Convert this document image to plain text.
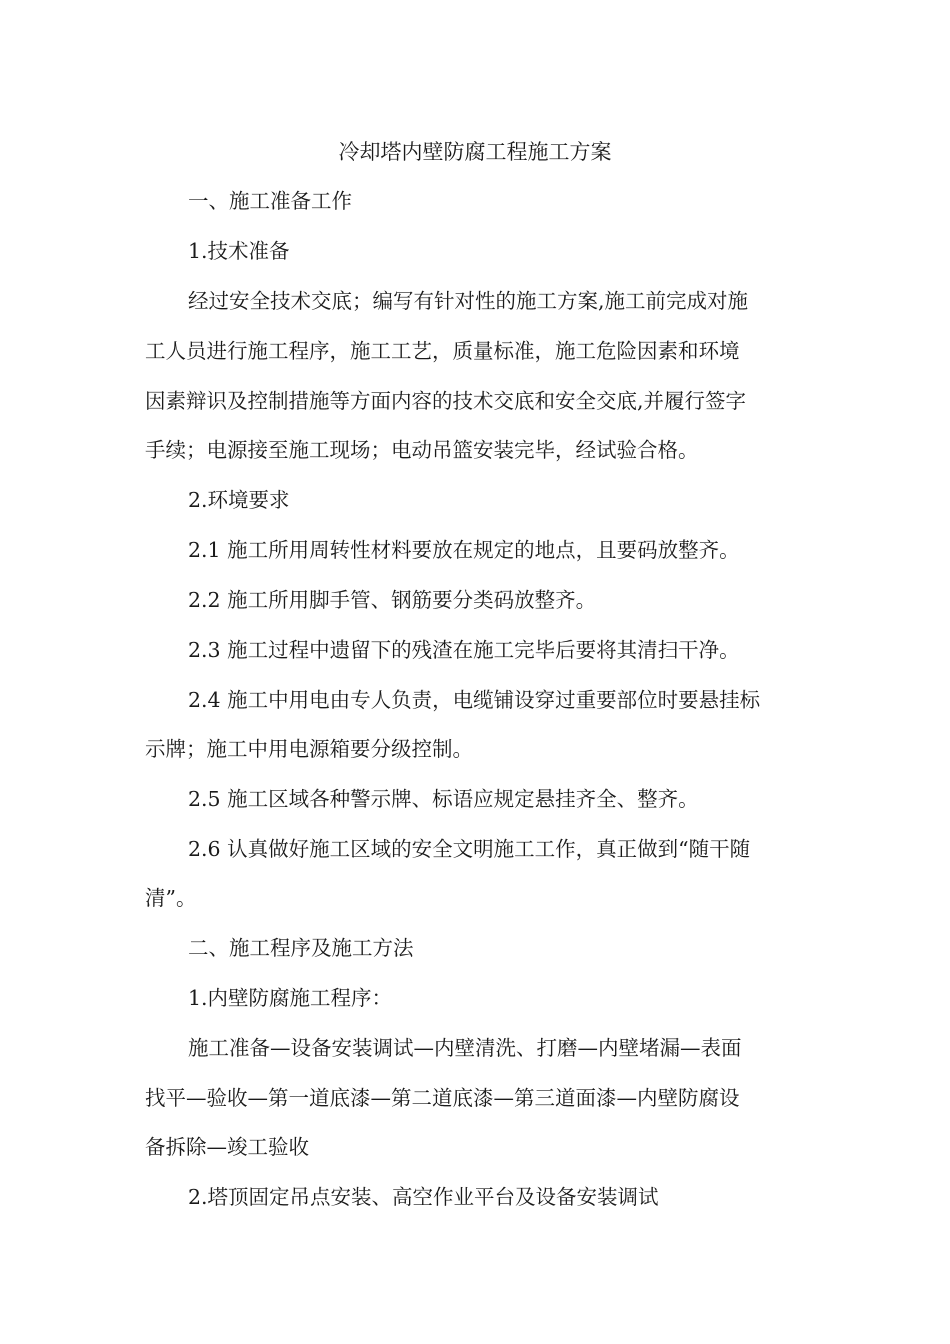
冷却塔内壁防腐工程施工方案
一、施工准备工作
1.技术准备
经过安全技术交底；编写有针对性的施工方案,施工前完成对施
工人员进行施工程序，施工工艺，质量标准，施工危险因素和环境
因素辩识及控制措施等方面内容的技术交底和安全交底,并履行签字
手续；电源接至施工现场；电动吊篮安装完毕，经试验合格。
2.环境要求
2.1 施工所用周转性材料要放在规定的地点，且要码放整齐。
2.2 施工所用脚手管、钢筋要分类码放整齐。
2.3 施工过程中遗留下的残渣在施工完毕后要将其清扫干净。
2.4 施工中用电由专人负责，电缆铺设穿过重要部位时要悬挂标
示牌；施工中用电源箱要分级控制。
2.5 施工区域各种警示牌、标语应规定悬挂齐全、整齐。
2.6 认真做好施工区域的安全文明施工工作，真正做到“随干随
清”。
二、施工程序及施工方法
1.内壁防腐施工程序：
施工准备—设备安装调试—内壁清洗、打磨—内壁堵漏—表面
找平—验收—第一道底漆—第二道底漆—第三道面漆—内壁防腐设
备拆除—竣工验收
2.塔顶固定吊点安装、高空作业平台及设备安装调试
